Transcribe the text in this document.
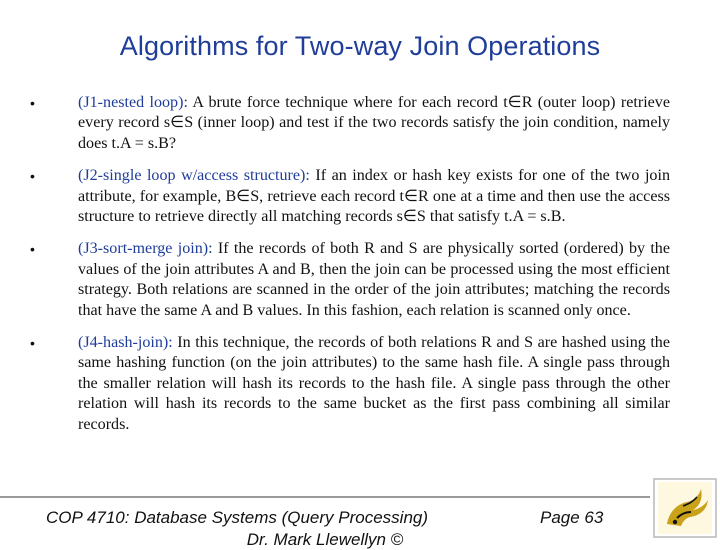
Algorithms for Two-way Join Operations
•	(J1-nested loop): A brute force technique where for each record t∈R (outer loop) retrieve every record s∈S (inner loop) and test if the two records satisfy the join condition, namely does t.A = s.B?
•	(J2-single loop w/access structure): If an index or hash key exists for one of the two join attribute, for example, B∈S, retrieve each record t∈R one at a time and then use the access structure to retrieve directly all matching records s∈S that satisfy t.A = s.B.
•	(J3-sort-merge join): If the records of both R and S are physically sorted (ordered) by the values of the join attributes A and B, then the join can be processed using the most efficient strategy. Both relations are scanned in the order of the join attributes; matching the records that have the same A and B values. In this fashion, each relation is scanned only once.
•	(J4-hash-join): In this technique, the records of both relations R and S are hashed using the same hashing function (on the join attributes) to the same hash file. A single pass through the smaller relation will hash its records to the hash file. A single pass through the other relation will hash its records to the same bucket as the first pass combining all similar records.
COP 4710: Database Systems (Query Processing)	Page 63
Dr. Mark Llewellyn ©
